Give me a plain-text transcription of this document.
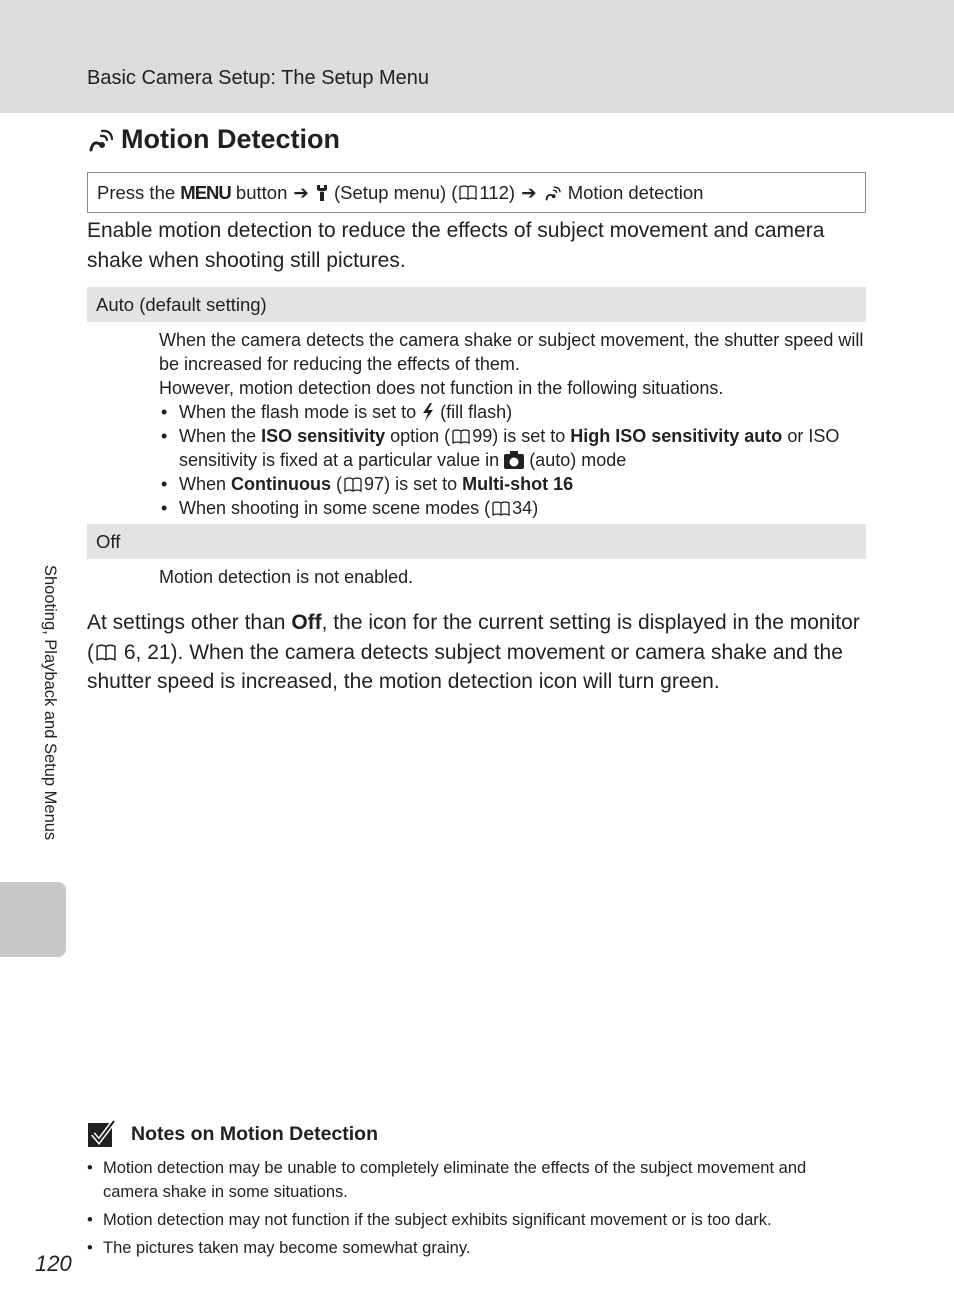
Basic Camera Setup: The Setup Menu
Motion Detection
Press the
MENU
button ➔
(Setup menu) ( 112) ➔
Motion detection
Enable motion detection to reduce the effects of subject movement and camera shake when shooting still pictures.
Auto (default setting)

When the camera detects the camera shake or subject movement, the shutter speed will be increased for reducing the effects of them.

However, motion detection does not function in the following situations.

• When the flash mode is set to (fill flash)
• When the ISO sensitivity option ( 99) is set to High ISO sensitivity auto or ISO sensitivity is fixed at a particular value in (auto) mode
• When Continuous ( 97) is set to Multi-shot 16
• When shooting in some scene modes ( 34)
Off

Motion detection is not enabled.

At settings other than Off, the icon for the current setting is displayed in the monitor ( 6, 21). When the camera detects subject movement or camera shake and the shutter speed is increased, the motion detection icon will turn green.
Shooting, Playback and Setup Menus
Notes on Motion Detection
• Motion detection may be unable to completely eliminate the effects of the subject movement and camera shake in some situations.
• Motion detection may not function if the subject exhibits significant movement or is too dark.
• The pictures taken may become somewhat grainy.
120
